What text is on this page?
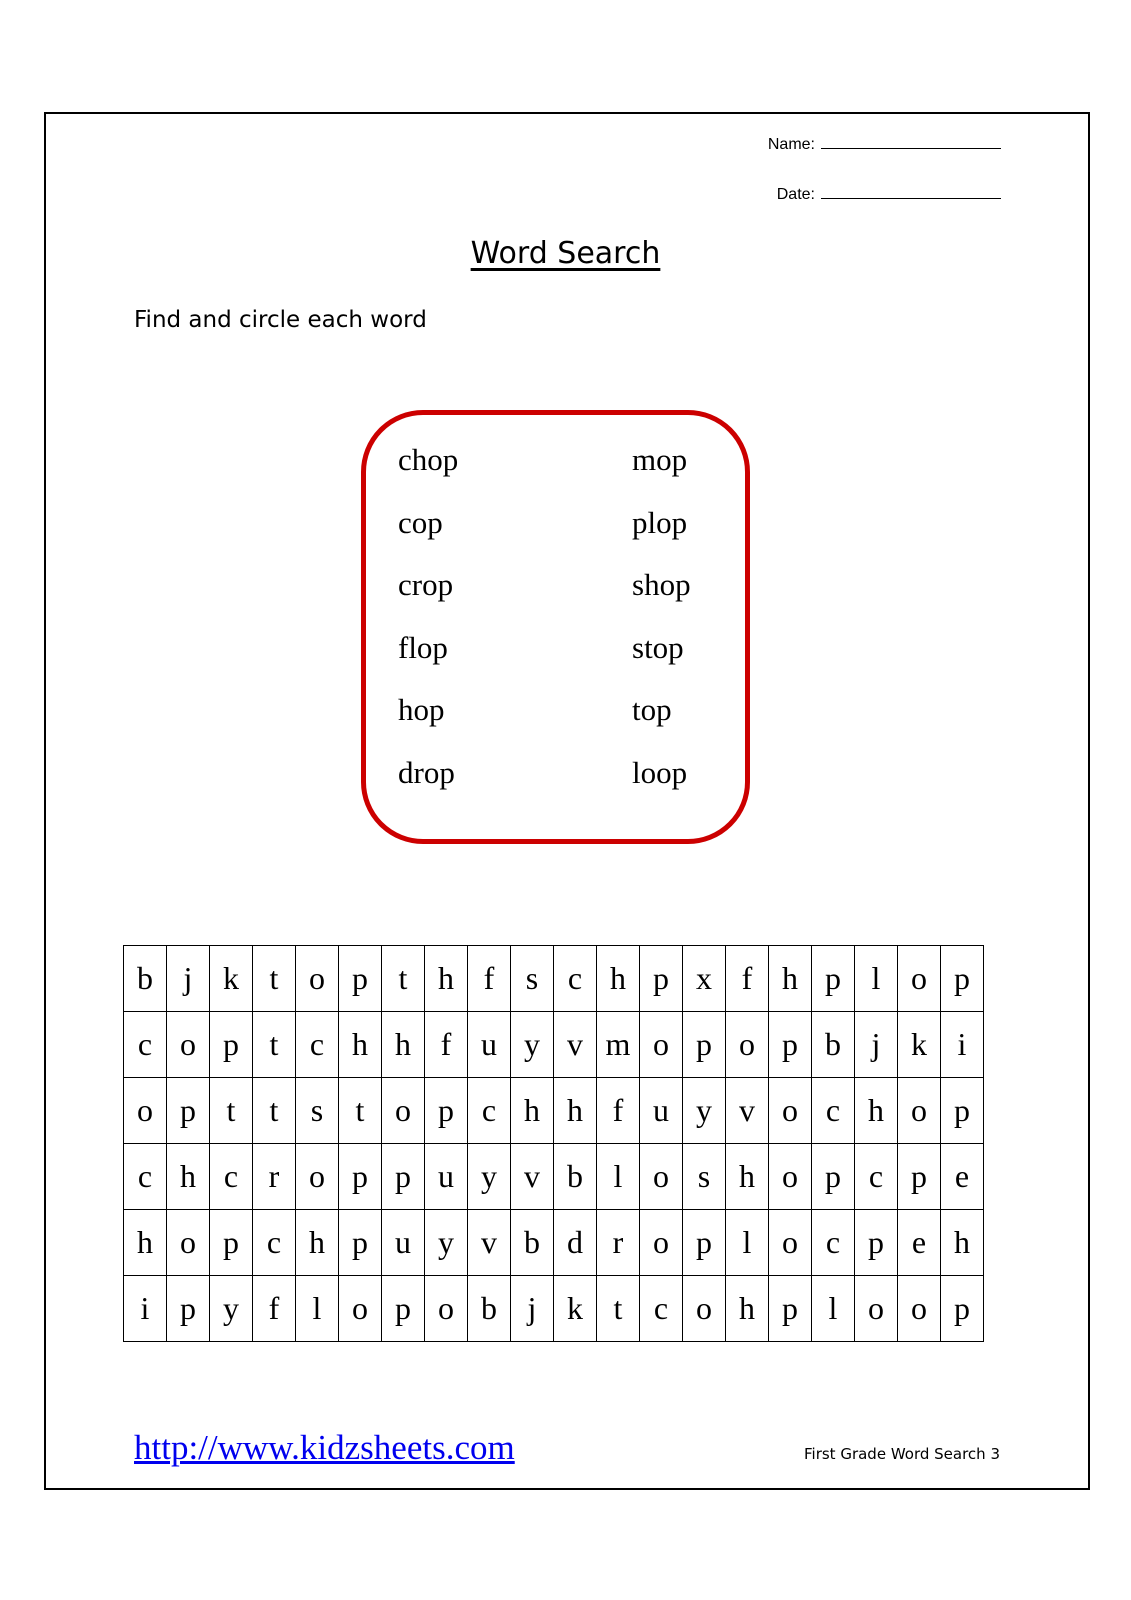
Name:
Date:
Word Search
Find and circle each word
chop	mop
cop	plop
crop	shop
flop	stop
hop	top
drop	loop
b	j	k	t	o	p	t	h	f	s	c	h	p	x	f	h	p	l	o	p
c	o	p	t	c	h	h	f	u	y	v	m	o	p	o	p	b	j	k	i
o	p	t	t	s	t	o	p	c	h	h	f	u	y	v	o	c	h	o	p
c	h	c	r	o	p	p	u	y	v	b	l	o	s	h	o	p	c	p	e
h	o	p	c	h	p	u	y	v	b	d	r	o	p	l	o	c	p	e	h
i	p	y	f	l	o	p	o	b	j	k	t	c	o	h	p	l	o	o	p
http://www.kidzsheets.com	First Grade Word Search 3
